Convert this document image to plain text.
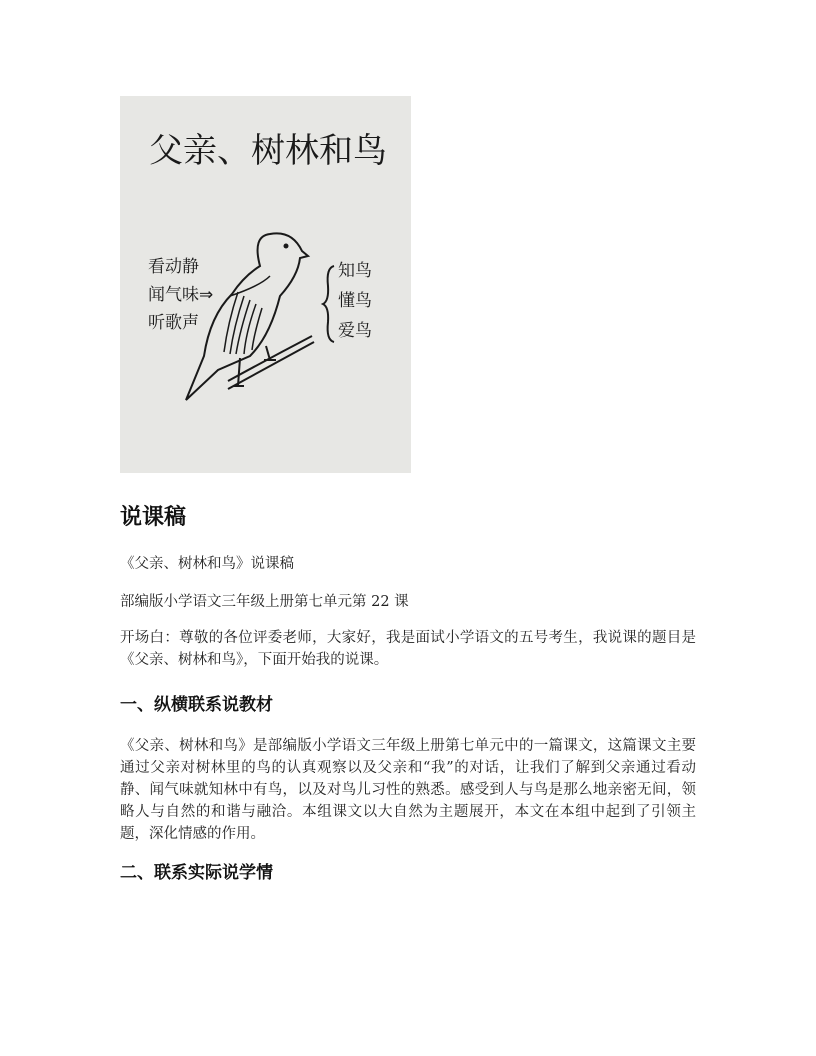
父亲、树林和鸟
看动静
闻气味⇒
听歌声
知鸟
懂鸟
爱鸟
说课稿

《父亲、树林和鸟》说课稿

部编版小学语文三年级上册第七单元第 22 课

开场白：尊敬的各位评委老师，大家好，我是面试小学语文的五号考生，我说课的题目是《父亲、树林和鸟》，下面开始我的说课。

一、纵横联系说教材

《父亲、树林和鸟》是部编版小学语文三年级上册第七单元中的一篇课文，这篇课文主要通过父亲对树林里的鸟的认真观察以及父亲和“我”的对话，让我们了解到父亲通过看动静、闻气味就知林中有鸟，以及对鸟儿习性的熟悉。感受到人与鸟是那么地亲密无间，领略人与自然的和谐与融洽。本组课文以大自然为主题展开，本文在本组中起到了引领主题，深化情感的作用。

二、联系实际说学情
